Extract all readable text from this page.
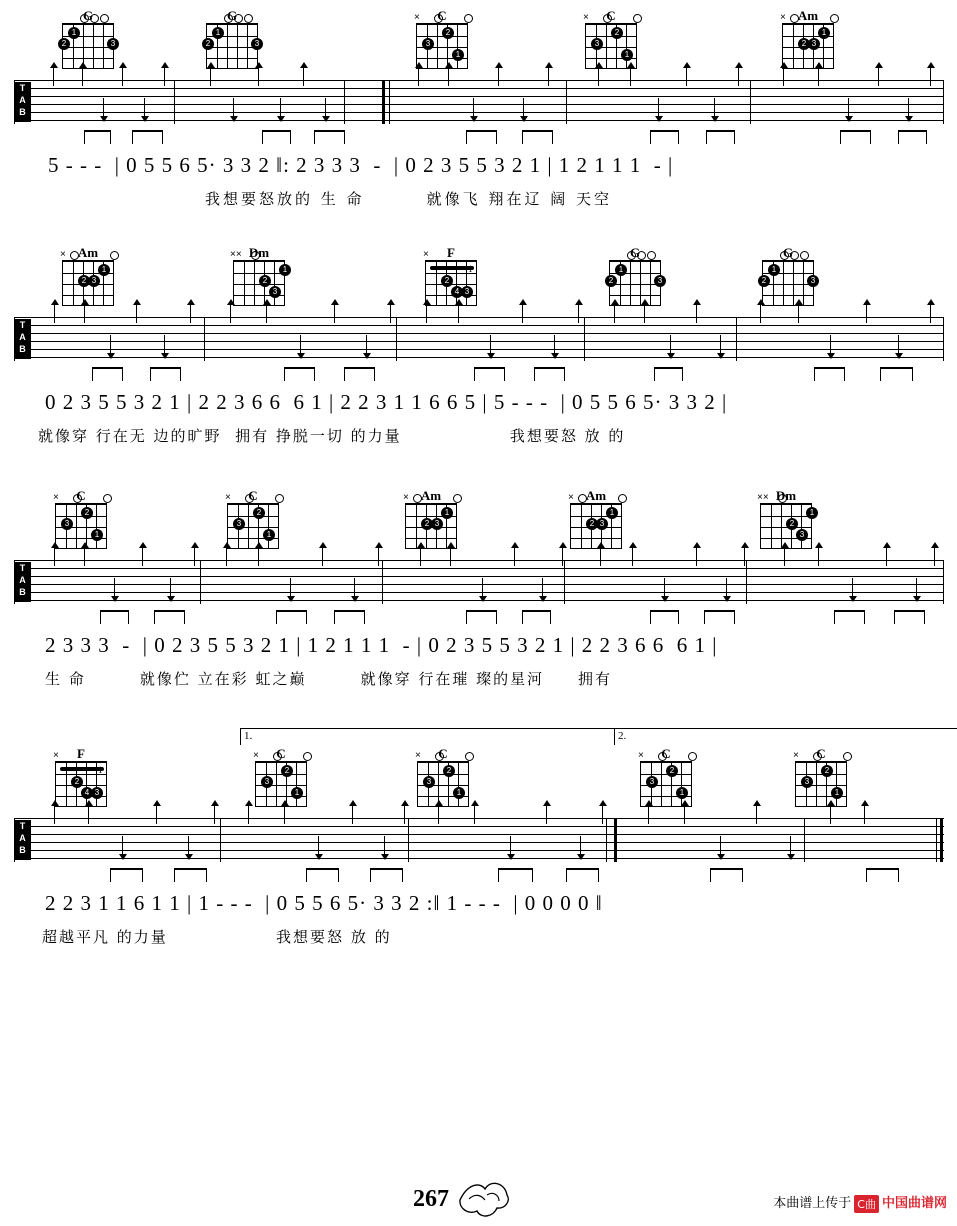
G
2
1
3
G
2
1
3
C
×
3
2
1
C
×
3
2
1
Am
×
2 3
1
T
A
B

5 - - -  | 0 5 5 6 5· 3 3 2 ‖: 2 3 3 3  -  | 0 2 3 5 5 3 2 1 | 1 2 1 1 1  - |

我想要怒放的 生 命        就像飞 翔在辽 阔 天空

Am
×
2 3
1
Dm
××
2
3
1
F
×
1
2
4 3
G
2
1
3
G
2
1
3
T
A
B

0 2 3 5 5 3 2 1 | 2 2 3 6 6  6 1 | 2 2 3 1 1 6 6 5 | 5 - - -  | 0 5 5 6 5· 3 3 2 |

就像穿 行在无 边的旷野  拥有 挣脱一切 的力量                我想要怒 放 的

C
×
3
2
1
C
×
3
2
1
Am
×
2 3
1
Am
×
2 3
1
Dm
××
2
3
1
T
A
B

2 3 3 3  -  | 0 2 3 5 5 3 2 1 | 1 2 1 1 1  - | 0 2 3 5 5 3 2 1 | 2 2 3 6 6  6 1 |

生 命        就像伫 立在彩 虹之巅        就像穿 行在璀 璨的星河     拥有

1.	2.
F
×
1
2
4 3
C
×
3
2
1
C
×
3
2
1
C
×
3
2
1
C
×
3
2
1
T
A
B

2 2 3 1 1 6 1 1 | 1 - - -  | 0 5 5 6 5· 3 3 2 :‖ 1 - - -  | 0 0 0 0 ‖

超越平凡 的力量                我想要怒 放 的

267	本曲谱上传于 C曲 中国曲谱网
